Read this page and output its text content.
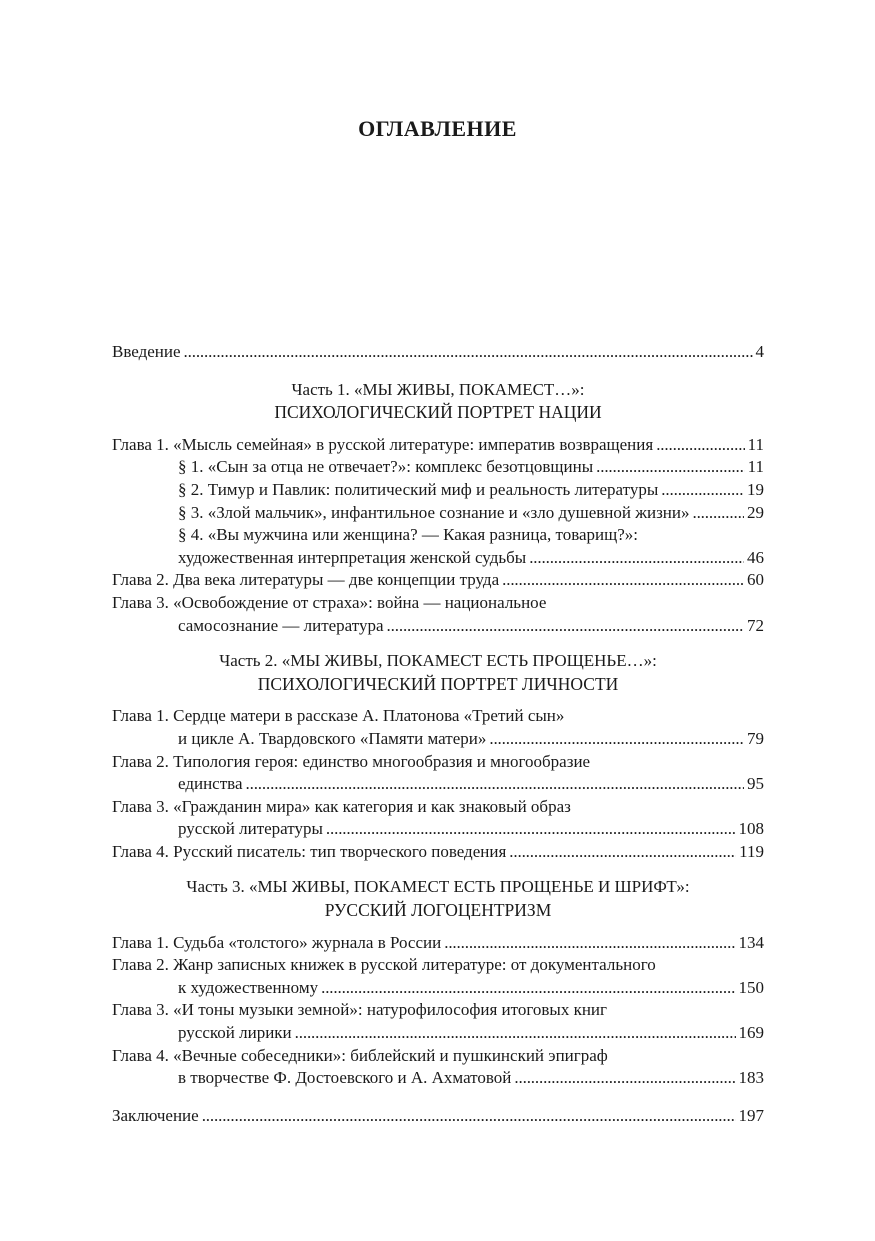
ОГЛАВЛЕНИЕ
Введение . . .	4
Часть 1. «МЫ ЖИВЫ, ПОКАМЕСТ…»:
ПСИХОЛОГИЧЕСКИЙ ПОРТРЕТ НАЦИИ
Глава 1. «Мысль семейная» в русской литературе: императив возвращения . . .	11
§ 1. «Сын за отца не отвечает?»: комплекс безотцовщины . . .	11
§ 2. Тимур и Павлик: политический миф и реальность литературы . . .	19
§ 3. «Злой мальчик», инфантильное сознание и «зло душевной жизни» . . .	29
§ 4. «Вы мужчина или женщина? — Какая разница, товарищ?»:
художественная интерпретация женской судьбы . . .	46
Глава 2. Два века литературы — две концепции труда . . .	60
Глава 3. «Освобождение от страха»: война — национальное
самосознание — литература . . .	72
Часть 2. «МЫ ЖИВЫ, ПОКАМЕСТ ЕСТЬ ПРОЩЕНЬЕ…»:
ПСИХОЛОГИЧЕСКИЙ ПОРТРЕТ ЛИЧНОСТИ
Глава 1. Сердце матери в рассказе А. Платонова «Третий сын»
и цикле А. Твардовского «Памяти матери» . . .	79
Глава 2. Типология героя: единство многообразия и многообразие
единства . . .	95
Глава 3. «Гражданин мира» как категория и как знаковый образ
русской литературы . . .	108
Глава 4. Русский писатель: тип творческого поведения . . .	119
Часть 3. «МЫ ЖИВЫ, ПОКАМЕСТ ЕСТЬ ПРОЩЕНЬЕ И ШРИФТ»:
РУССКИЙ ЛОГОЦЕНТРИЗМ
Глава 1. Судьба «толстого» журнала в России . . .	134
Глава 2. Жанр записных книжек в русской литературе: от документального
к художественному . . .	150
Глава 3. «И тоны музыки земной»: натурофилософия итоговых книг
русской лирики . . .	169
Глава 4. «Вечные собеседники»: библейский и пушкинский эпиграф
в творчестве Ф. Достоевского и А. Ахматовой . . .	183
Заключение . . .	197
